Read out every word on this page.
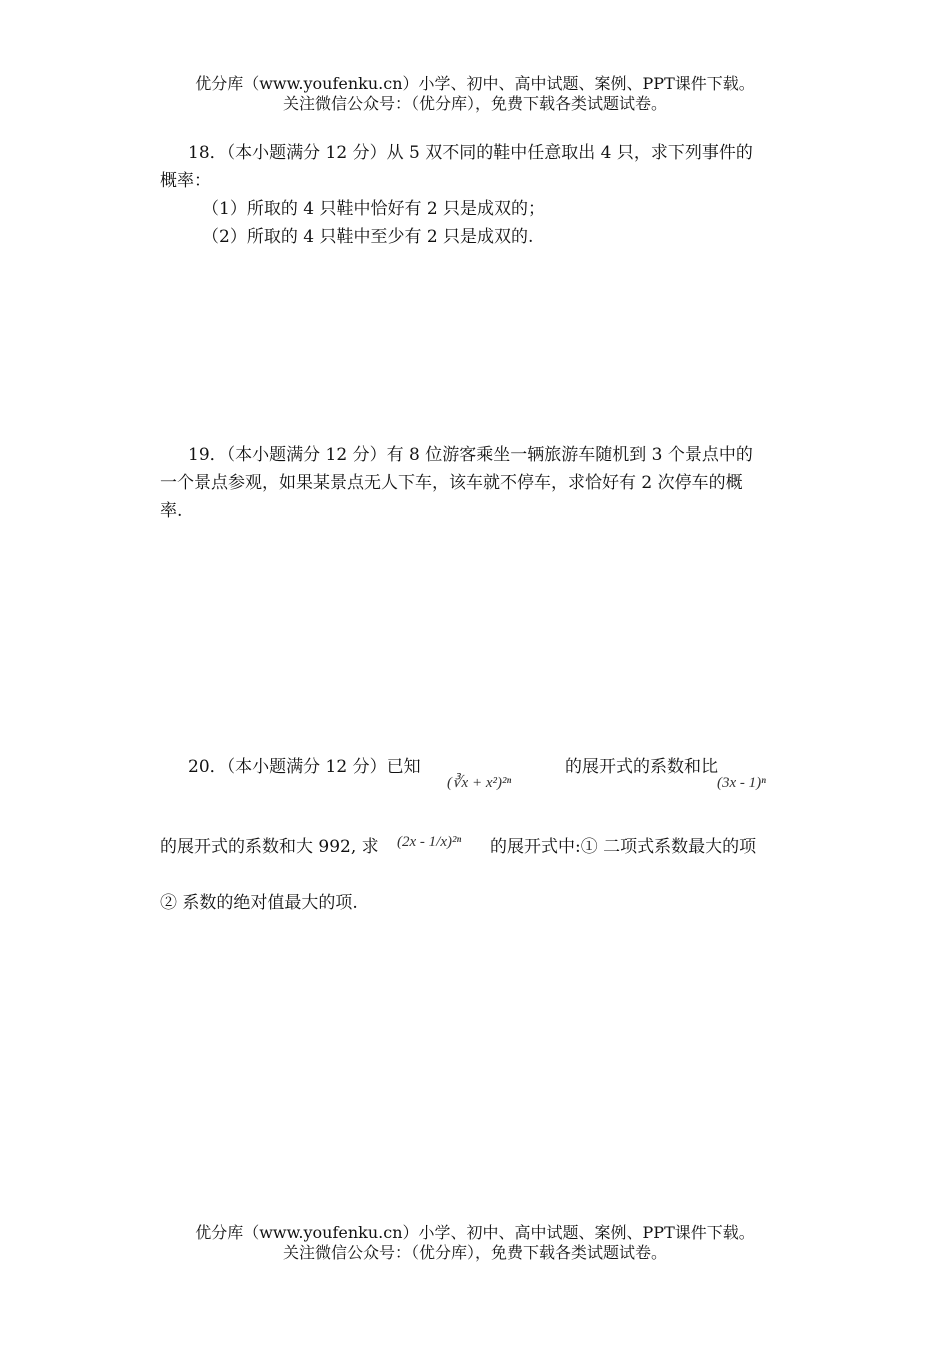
优分库（www.youfenku.cn）小学、初中、高中试题、案例、PPT课件下载。
关注微信公众号：（优分库），免费下载各类试题试卷。
18．（本小题满分 12 分）从 5 双不同的鞋中任意取出 4 只，求下列事件的
概率：
（1）所取的 4 只鞋中恰好有 2 只是成双的；
（2）所取的 4 只鞋中至少有 2 只是成双的.
19．（本小题满分 12 分）有 8 位游客乘坐一辆旅游车随机到 3 个景点中的
一个景点参观，如果某景点无人下车，该车就不停车，求恰好有 2 次停车的概
率.
20．（本小题满分 12 分）已知
(∛x + x²)²ⁿ
的展开式的系数和比
(3x - 1)ⁿ
的展开式的系数和大 992, 求 (2x - 1/x)²ⁿ 的展开式中:① 二项式系数最大的项
② 系数的绝对值最大的项.
优分库（www.youfenku.cn）小学、初中、高中试题、案例、PPT课件下载。
关注微信公众号：（优分库），免费下载各类试题试卷。
